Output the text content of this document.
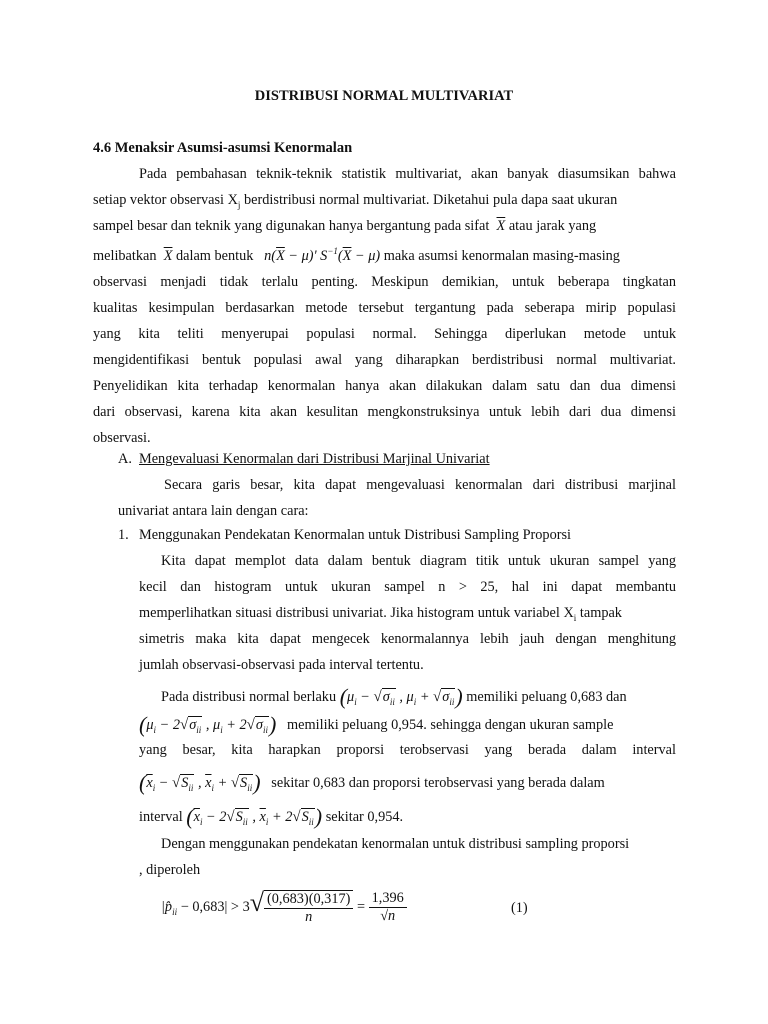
DISTRIBUSI NORMAL MULTIVARIAT
4.6 Menaksir Asumsi-asumsi Kenormalan
Pada pembahasan teknik-teknik statistik multivariat, akan banyak diasumsikan bahwa
setiap vektor observasi $X_j$ berdistribusi normal multivariat. Diketahui pula dapa saat ukuran
sampel besar dan teknik yang digunakan hanya bergantung pada sifat $\overline{X}$ atau jarak yang
melibatkan $\overline{X}$ dalam bentuk $n(\overline{X} - \mu)'$ $S^{-1}(\overline{X} - \mu)$ maka asumsi kenormalan masing-masing
observasi menjadi tidak terlalu penting. Meskipun demikian, untuk beberapa tingkatan
kualitas kesimpulan berdasarkan metode tersebut tergantung pada seberapa mirip populasi
yang kita teliti menyerupai populasi normal. Sehingga diperlukan metode untuk
mengidentifikasi bentuk populasi awal yang diharapkan berdistribusi normal multivariat.
Penyelidikan kita terhadap kenormalan hanya akan dilakukan dalam satu dan dua dimensi
dari observasi, karena kita akan kesulitan mengkonstruksinya untuk lebih dari dua dimensi
observasi.
A. Mengevaluasi Kenormalan dari Distribusi Marjinal Univariat
Secara garis besar, kita dapat mengevaluasi kenormalan dari distribusi marjinal
univariat antara lain dengan cara:
1. Menggunakan Pendekatan Kenormalan untuk Distribusi Sampling Proporsi
Kita dapat memplot data dalam bentuk diagram titik untuk ukuran sampel yang
kecil dan histogram untuk ukuran sampel n > 25, hal ini dapat membantu
memperlihatkan situasi distribusi univariat. Jika histogram untuk variabel $X_i$ tampak
simetris maka kita dapat mengecek kenormalannya lebih jauh dengan menghitung
jumlah observasi-observasi pada interval tertentu.
Pada distribusi normal berlaku ($\mu_i - √\sigma_{ii}$ , $\mu_i + √\sigma_{ii}$) memiliki peluang 0,683 dan
($\mu_i - 2√\sigma_{ii}$ , $\mu_i + 2√\sigma_{ii}$) memiliki peluang 0,954. sehingga dengan ukuran sample
yang besar, kita harapkan proporsi terobservasi yang berada dalam interval
($\overline{x}_i - √S_{ii}$ , $\overline{x}_i + √S_{ii}$) sekitar 0,683 dan proporsi terobservasi yang berada dalam
interval ($\overline{x}_i - 2√S_{ii}$ , $\overline{x}_i + 2√S_{ii}$) sekitar 0,954.
Dengan menggunakan pendekatan kenormalan untuk distribusi sampling proporsi
, diperoleh
$|p̂_{ii} - 0,683| > 3√ \frac{(0,683)(0,317)}{n} = \frac{1,396}{√n}$	(1)
